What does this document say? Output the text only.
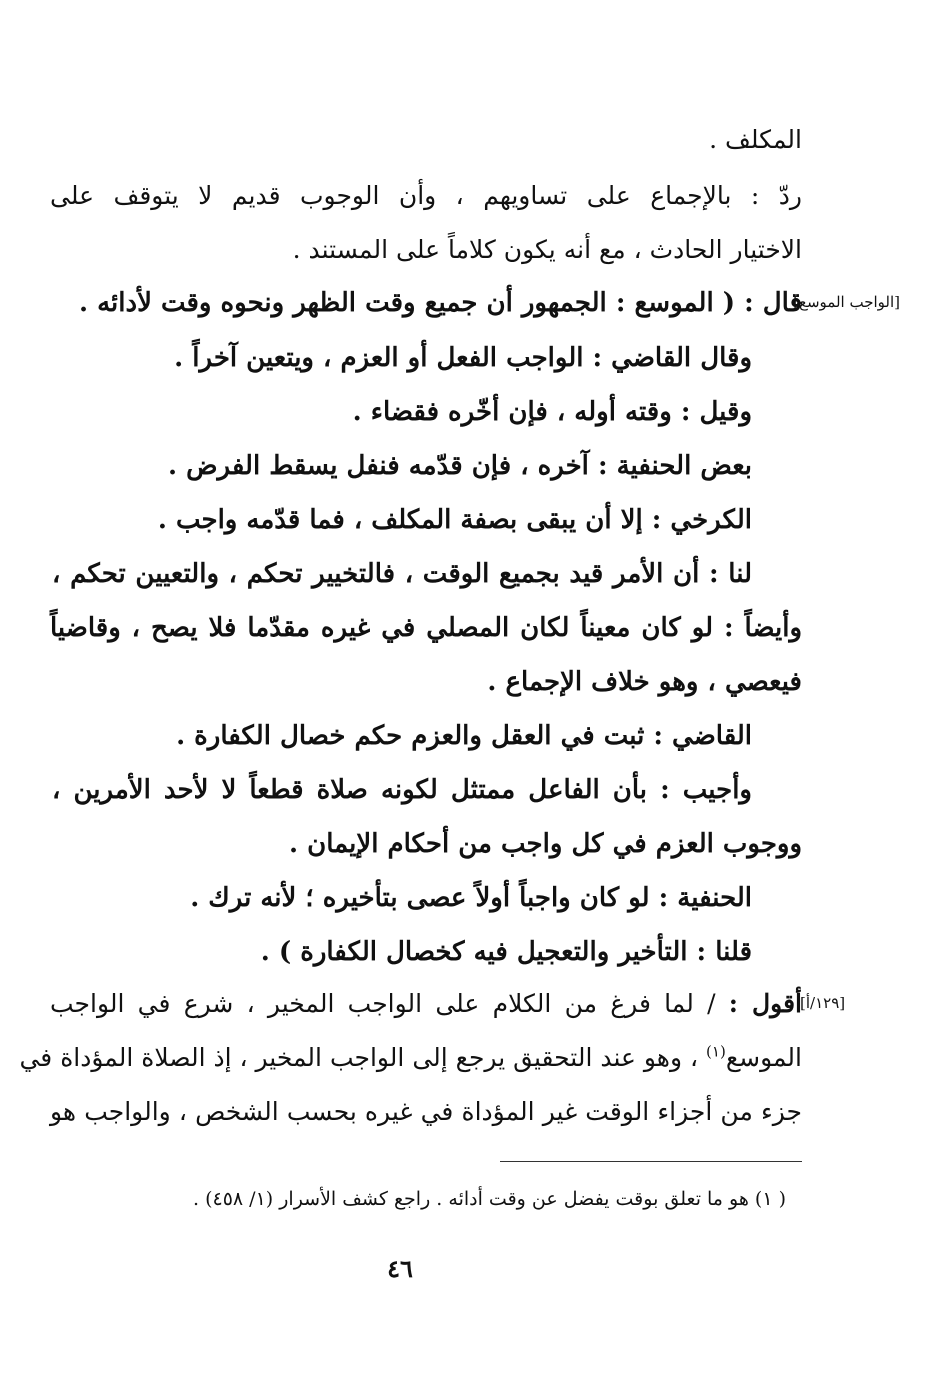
المكلف .
ردّ : بالإجماع على تساويهم ، وأن الوجوب قديم لا يتوقف على
الاختيار الحادث ، مع أنه يكون كلاماً على المستند .
[الواجب الموسع]
قال : ( الموسع : الجمهور أن جميع وقت الظهر ونحوه وقت لأدائه .
وقال القاضي : الواجب الفعل أو العزم ، ويتعين آخراً .
وقيل : وقته أوله ، فإن أخّره فقضاء .
بعض الحنفية : آخره ، فإن قدّمه فنفل يسقط الفرض .
الكرخي : إلا أن يبقى بصفة المكلف ، فما قدّمه واجب .
لنا : أن الأمر قيد بجميع الوقت ، فالتخيير تحكم ، والتعيين تحكم ،
وأيضاً : لو كان معيناً لكان المصلي في غيره مقدّما فلا يصح ، وقاضياً
فيعصي ، وهو خلاف الإجماع .
القاضي : ثبت في العقل والعزم حكم خصال الكفارة .
وأجيب : بأن الفاعل ممتثل لكونه صلاة قطعاً لا لأحد الأمرين ،
ووجوب العزم في كل واجب من أحكام الإيمان .
الحنفية : لو كان واجباً أولاً عصى بتأخيره ؛ لأنه ترك .
قلنا : التأخير والتعجيل فيه كخصال الكفارة ) .
[١٢٩/أ]
أقول : / لما فرغ من الكلام على الواجب المخير ، شرع في الواجب
الموسع$^{(١)}$ ، وهو عند التحقيق يرجع إلى الواجب المخير ، إذ الصلاة المؤداة في
جزء من أجزاء الوقت غير المؤداة في غيره بحسب الشخص ، والواجب هو
( ١) هو ما تعلق بوقت يفضل عن وقت أدائه . راجع كشف الأسرار (١/ ٤٥٨) .
٤٦
